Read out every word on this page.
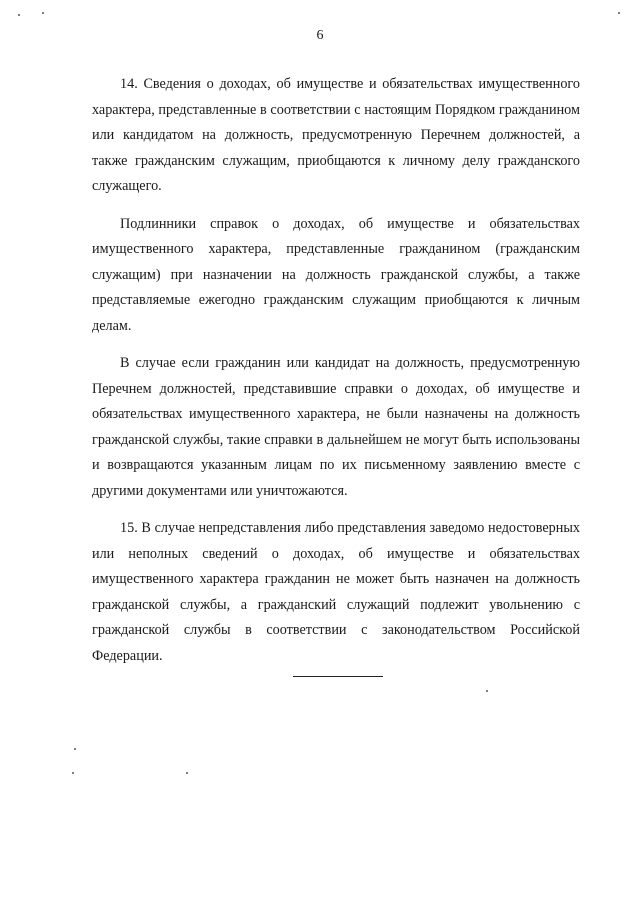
6

14. Сведения о доходах, об имуществе и обязательствах имущественного характера, представленные в соответствии с настоящим Порядком гражданином или кандидатом на должность, предусмотренную Перечнем должностей, а также гражданским служащим, приобщаются к личному делу гражданского служащего.

Подлинники справок о доходах, об имуществе и обязательствах имущественного характера, представленные гражданином (гражданским служащим) при назначении на должность гражданской службы, а также представляемые ежегодно гражданским служащим приобщаются к личным делам.

В случае если гражданин или кандидат на должность, предусмотренную Перечнем должностей, представившие справки о доходах, об имуществе и обязательствах имущественного характера, не были назначены на должность гражданской службы, такие справки в дальнейшем не могут быть использованы и возвращаются указанным лицам по их письменному заявлению вместе с другими документами или уничтожаются.

15. В случае непредставления либо представления заведомо недостоверных или неполных сведений о доходах, об имуществе и обязательствах имущественного характера гражданин не может быть назначен на должность гражданской службы, а гражданский служащий подлежит увольнению с гражданской службы в соответствии с законодательством Российской Федерации.
